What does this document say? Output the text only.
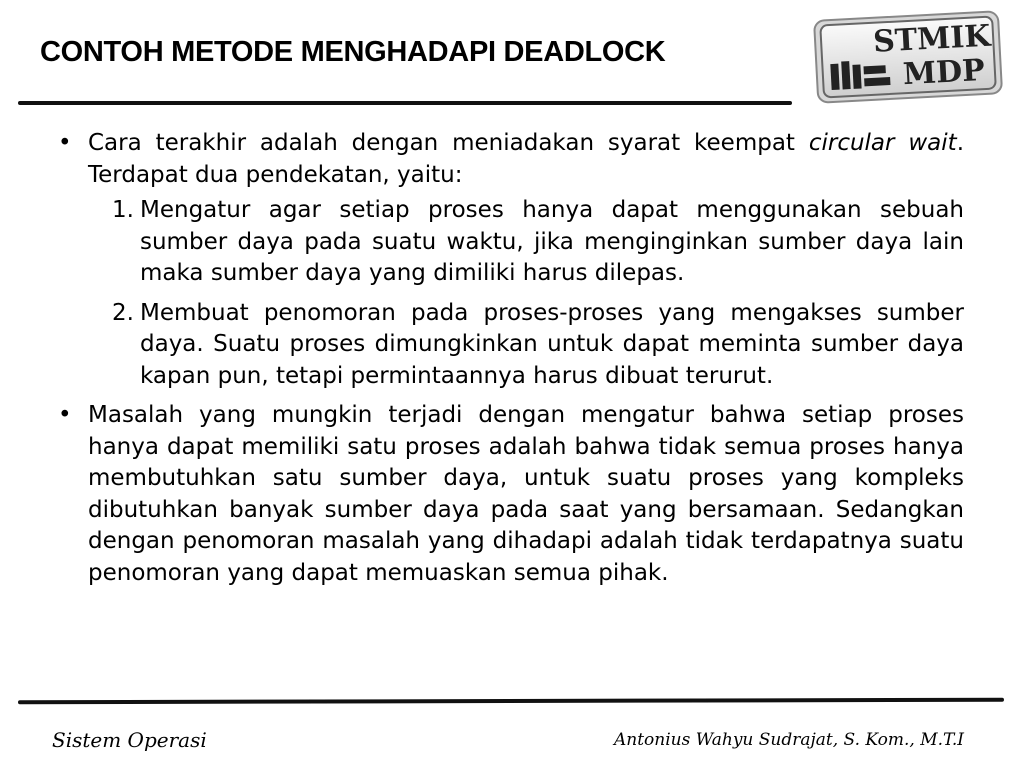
CONTOH METODE MENGHADAPI DEADLOCK	STMIK
MDP
• Cara terakhir adalah dengan meniadakan syarat keempat circular wait. Terdapat dua pendekatan, yaitu:
1. Mengatur agar setiap proses hanya dapat menggunakan sebuah sumber daya pada suatu waktu, jika menginginkan sumber daya lain maka sumber daya yang dimiliki harus dilepas.
2. Membuat penomoran pada proses-proses yang mengakses sumber daya. Suatu proses dimungkinkan untuk dapat meminta sumber daya kapan pun, tetapi permintaannya harus dibuat terurut.
• Masalah yang mungkin terjadi dengan mengatur bahwa setiap proses hanya dapat memiliki satu proses adalah bahwa tidak semua proses hanya membutuhkan satu sumber daya, untuk suatu proses yang kompleks dibutuhkan banyak sumber daya pada saat yang bersamaan. Sedangkan dengan penomoran masalah yang dihadapi adalah tidak terdapatnya suatu penomoran yang dapat memuaskan semua pihak.
Sistem Operasi	Antonius Wahyu Sudrajat, S. Kom., M.T.I
